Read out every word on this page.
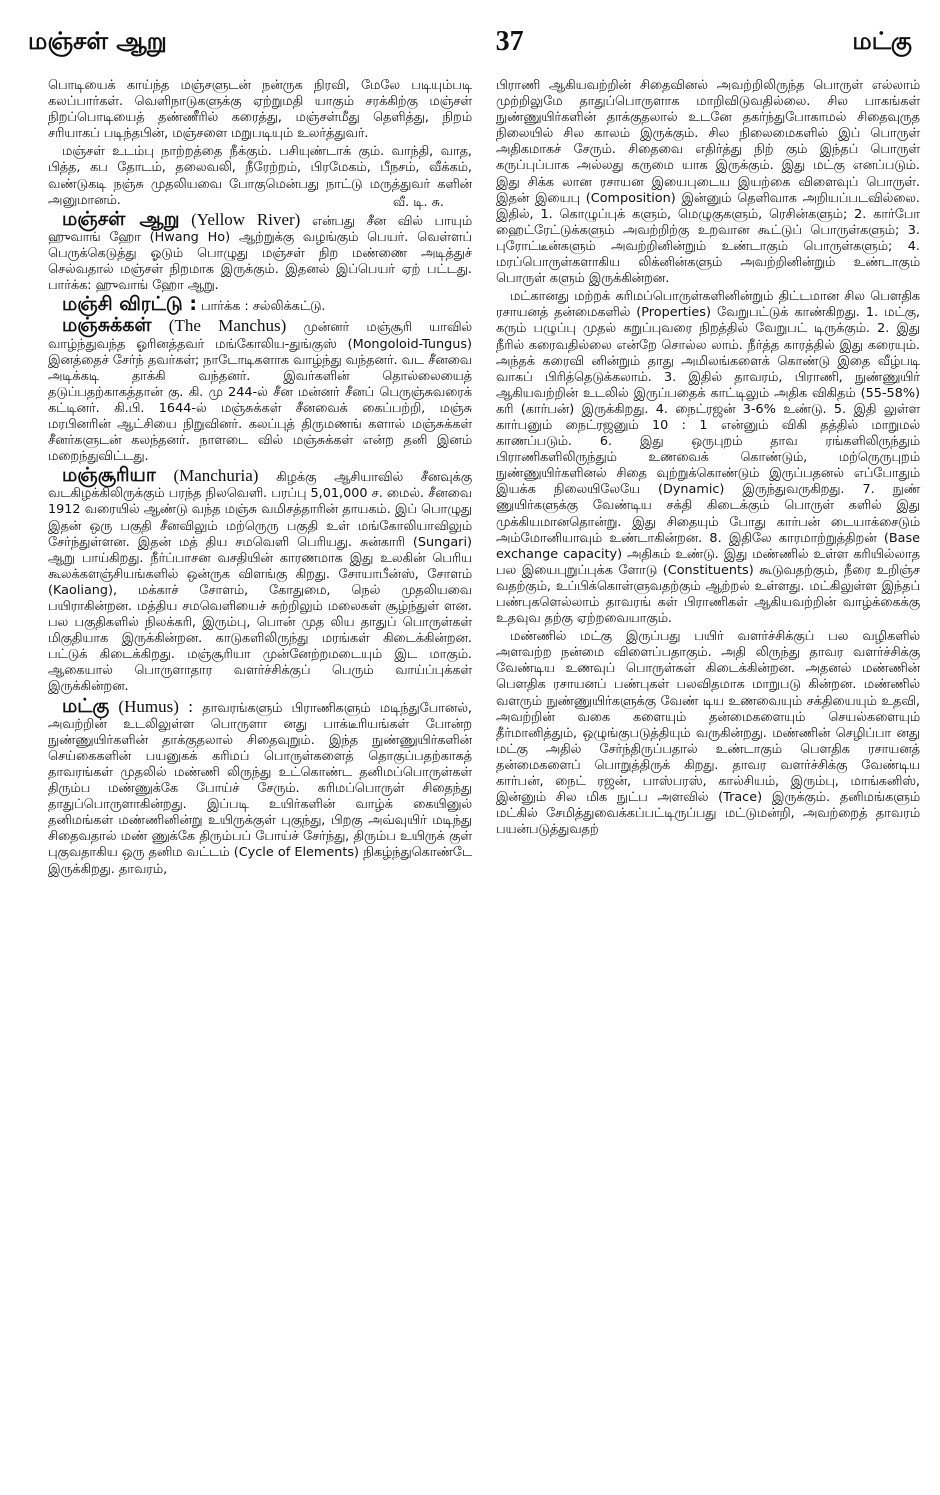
மஞ்சள் ஆறு	37	மட்கு

பொடியைக் காய்ந்த மஞ்சளுடன் நன்ருக நிரவி, மேலே படியும்படி கலப்பார்கள். வெளிநாடுகளுக்கு ஏற்றுமதி யாகும் சரக்கிற்கு மஞ்சள் நிறப்பொடியைத் தண்ணீரில் கரைத்து, மஞ்சள்மீது தெளித்து, நிறம் சரியாகப் படிந்தபின், மஞ்சளை மறுபடியும் உலர்த்துவர்.

மஞ்சள் உடம்பு நாற்றத்தை நீக்கும். பசியுண்டாக் கும். வாந்தி, வாத, பித்த, கப தோடம், தலைவலி, நீரேற்றம், பிரமேகம், பீநசம், வீக்கம், வண்டுகடி நஞ்சு முதலியவை போகுமென்பது நாட்டு மருத்துவர் களின் அனுமானம்.	வீ. டி. சு.

மஞ்சள் ஆறு (Yellow River) என்பது சீன வில் பாயும் ஹுவாங் ஹோ (Hwang Ho) ஆற்றுக்கு வழங்கும் பெயர். வெள்ளப் பெருக்கெடுத்து ஓடும் பொழுது மஞ்சள் நிற மண்ணை அடித்துச் செல்வதால் மஞ்சள் நிறமாக இருக்கும். இதனல் இப்பெயர் ஏற் பட்டது. பார்க்க: ஹுவாங் ஹோ ஆறு.

மஞ்சி விரட்டு : பார்க்க : சல்லிக்கட்டு.

மஞ்சுக்கள் (The Manchus) முன்னர் மஞ்சூரி யாவில் வாழ்ந்துவந்த ஓரினத்தவர் மங்கோலிய-துங்குஸ் (Mongoloid-Tungus) இனத்தைச் சேர்ந் தவர்கள்; நாடோடிகளாக வாழ்ந்து வந்தனர். வட சீனவை அடிக்கடி தாக்கி வந்தனர். இவர்களின் தொல்லையைத் தடுப்பதற்காகத்தான் கு. கி. மு 244-ல் சீன மன்னர் சீனப் பெருஞ்சுவரைக் கட்டினர். கி.பி. 1644-ல் மஞ்சுக்கள் சீனவைக் கைப்பற்றி, மஞ்சு மரபினரின் ஆட்சியை நிறுவினர். கலப்புத் திருமணங் களால் மஞ்சுக்கள் சீனர்களுடன் கலந்தனர். நாளடை வில் மஞ்சுக்கள் என்ற தனி இனம் மறைந்துவிட்டது.

மஞ்சூரியா (Manchuria) கிழக்கு ஆசியாவில் சீனவுக்கு வடகிழக்கிலிருக்கும் பரந்த நிலவெளி. பரப்பு 5,01,000 ச. மைல். சீனவை 1912 வரையில் ஆண்டு வந்த மஞ்சு வமிசத்தாரின் தாயகம். இப் பொழுது இதன் ஒரு பகுதி சீனவிலும் மற்ருெரு பகுதி உள் மங்கோலியாவிலும் சேர்ந்துள்ளன. இதன் மத் திய சமவெளி பெரியது. சுன்காரி (Sungari) ஆறு பாய்கிறது. நீர்ப்பாசன வசதியின் காரணமாக இது உலகின் பெரிய கூலக்களஞ்சியங்களில் ஒன்ருக விளங்கு கிறது. சோயாபீன்ஸ், சோளம் (Kaoliang), மக்காச் சோளம், கோதுமை, நெல் முதலியவை பயிராகின்றன. மத்திய சமவெளியைச் சுற்றிலும் மலைகள் சூழ்ந்துள் ளன. பல பகுதிகளில் நிலக்கரி, இரும்பு, பொன் முத லிய தாதுப் பொருள்கள் மிகுதியாக இருக்கின்றன. காடுகளிலிருந்து மரங்கள் கிடைக்கின்றன. பட்டுக் கிடைக்கிறது. மஞ்சூரியா முன்னேற்றமடையும் இட மாகும். ஆகையால் பொருளாதார வளர்ச்சிக்குப் பெரும் வாய்ப்புக்கள் இருக்கின்றன.

மட்கு (Humus) : தாவரங்களும் பிராணிகளும் மடிந்துபோனல், அவற்றின் உடலிலுள்ள பொருளா னது பாக்டீரியங்கள் போன்ற நுண்ணுயிர்களின் தாக்குதலால் சிதைவுறும். இந்த நுண்ணுயிர்களின் செய்கைகளின் பயனுகக் கரிமப் பொருள்களைத் தொகுப்பதற்காகத் தாவரங்கள் முதலில் மண்ணி லிருந்து உட்கொண்ட தனிமப்பொருள்கள் திரும்ப மண்ணுக்கே போய்ச் சேரும். கரிமப்பொருள் சிதைந்து தாதுப்பொருளாகின்றது. இப்படி உயிர்களின் வாழ்க் கையினுல் தனிமங்கள் மண்ணினின்று உயிருக்குள் புகுந்து, பிறகு அவ்வுயிர் மடிந்து சிதைவதால் மண் ணுக்கே திரும்பப் போய்ச் சேர்ந்து, திரும்ப உயிருக் குள் புகுவதாகிய ஒரு தனிம வட்டம் (Cycle of Elements) நிகழ்ந்துகொண்டே இருக்கிறது. தாவரம்,

பிராணி ஆகியவற்றின் சிதைவினல் அவற்றிலிருந்த பொருள் எல்லாம் முற்றிலுமே தாதுப்பொருளாக மாறிவிடுவதில்லை. சில பாகங்கள் நுண்ணுயிர்களின் தாக்குதலால் உடனே தகர்ந்துபோகாமல் சிதைவுருத நிலையில் சில காலம் இருக்கும். சில நிலைமைகளில் இப் பொருள் அதிகமாகச் சேரும். சிதைவை எதிர்த்து நிற் கும் இந்தப் பொருள் கருப்புப்பாக அல்லது கருமை யாக இருக்கும். இது மட்கு எனப்படும். இது சிக்க லான ரசாயன இயைபுடைய இயற்கை விளைவுப் பொருள். இதன் இயைபு (Composition) இன்னும் தெளிவாக அறியப்படவில்லை. இதில், 1. கொழுப்புக் களும், மெழுகுகளும், ரெசின்களும்; 2. கார்போ ஹைட்ரேட்டுக்களும் அவற்றிற்கு உறவான கூட்டுப் பொருள்களும்; 3. புரோட்டீன்களும் அவற்றினின்றும் உண்டாகும் பொருள்களும்; 4. மரப்பொருள்களாகிய லிக்னின்களும் அவற்றினின்றும் உண்டாகும் பொருள் களும் இருக்கின்றன.

மட்கானது மற்றக் கரிமப்பொருள்களினின்றும் திட்டமான சில பௌதிக ரசாயனத் தன்மைகளில் (Properties) வேறுபட்டுக் காண்கிறது. 1. மட்கு, கரும் பழுப்பு முதல் கறுப்புவரை நிறத்தில் வேறுபட் டிருக்கும். 2. இது நீரில் கரைவதில்லை என்றே சொல்ல லாம். நீர்த்த காரத்தில் இது கரையும். அந்தக் கரைவி னின்றும் தாது அமிலங்களைக் கொண்டு இதை வீழ்படி வாகப் பிரித்தெடுக்கலாம். 3. இதில் தாவரம், பிராணி, நுண்ணுயிர் ஆகியவற்றின் உடலில் இருப்பதைக் காட்டிலும் அதிக விகிதம் (55-58%) கரி (கார்பன்) இருக்கிறது. 4. நைட்ரஜன் 3-6% உண்டு. 5. இதி லுள்ள கார்பனும் நைட்ரஜனும் 10 : 1 என்னும் விகி தத்தில் மாறுமல் காணப்படும். 6. இது ஒருபுறம் தாவ ரங்களிலிருந்தும் பிராணிகளிலிருந்தும் உணவைக் கொண்டும், மற்ருெருபுறம் நுண்ணுயிர்களினல் சிதை வுற்றுக்கொண்டும் இருப்பதனல் எப்போதும் இயக்க நிலையிலேயே (Dynamic) இருந்துவருகிறது. 7. நுண் ணுயிர்களுக்கு வேண்டிய சக்தி கிடைக்கும் பொருள் களில் இது முக்கியமானதொன்று. இது சிதையும் போது கார்பன் டையாக்சைடும் அம்மோனியாவும் உண்டாகின்றன. 8. இதிலே காரமாற்றுத்திறன் (Base exchange capacity) அதிகம் உண்டு. இது மண்ணில் உள்ள கரியில்லாத பல இயைபுறுப்புக்க ளோடு (Constituents) கூடுவதற்கும், நீரை உறிஞ்ச வதற்கும், உப்பிக்கொள்ளுவதற்கும் ஆற்றல் உள்ளது. மட்கிலுள்ள இந்தப் பண்புகளெல்லாம் தாவரங் கள் பிராணிகள் ஆகியவற்றின் வாழ்க்கைக்கு உதவுவ தற்கு ஏற்றவையாகும்.

மண்ணில் மட்கு இருப்பது பயிர் வளர்ச்சிக்குப் பல வழிகளில் அளவற்ற நன்மை விளைப்பதாகும். அதி லிருந்து தாவர வளர்ச்சிக்கு வேண்டிய உணவுப் பொருள்கள் கிடைக்கின்றன. அதனல் மண்ணின் பௌதிக ரசாயனப் பண்புகள் பலவிதமாக மாறுபடு கின்றன. மண்ணில் வளரும் நுண்ணுயிர்களுக்கு வேண் டிய உணவையும் சக்தியையும் உதவி, அவற்றின் வகை களையும் தன்மைகளையும் செயல்களையும் தீர்மானித்தும், ஒழுங்குபடுத்தியும் வருகின்றது. மண்ணின் செழிப்பா னது மட்கு அதில் சேர்ந்திருப்பதால் உண்டாகும் பௌதிக ரசாயனத் தன்மைகளைப் பொறுத்திருக் கிறது. தாவர வளர்ச்சிக்கு வேண்டிய கார்பன், நைட் ரஜன், பாஸ்பரஸ், கால்சியம், இரும்பு, மாங்கனிஸ், இன்னும் சில மிக நுட்ப அளவில் (Trace) இருக்கும். தனிமங்களும் மட்கில் சேமித்துவைக்கப்பட்டிருப்பது மட்டுமன்றி, அவற்றைத் தாவரம் பயன்படுத்துவதற்
